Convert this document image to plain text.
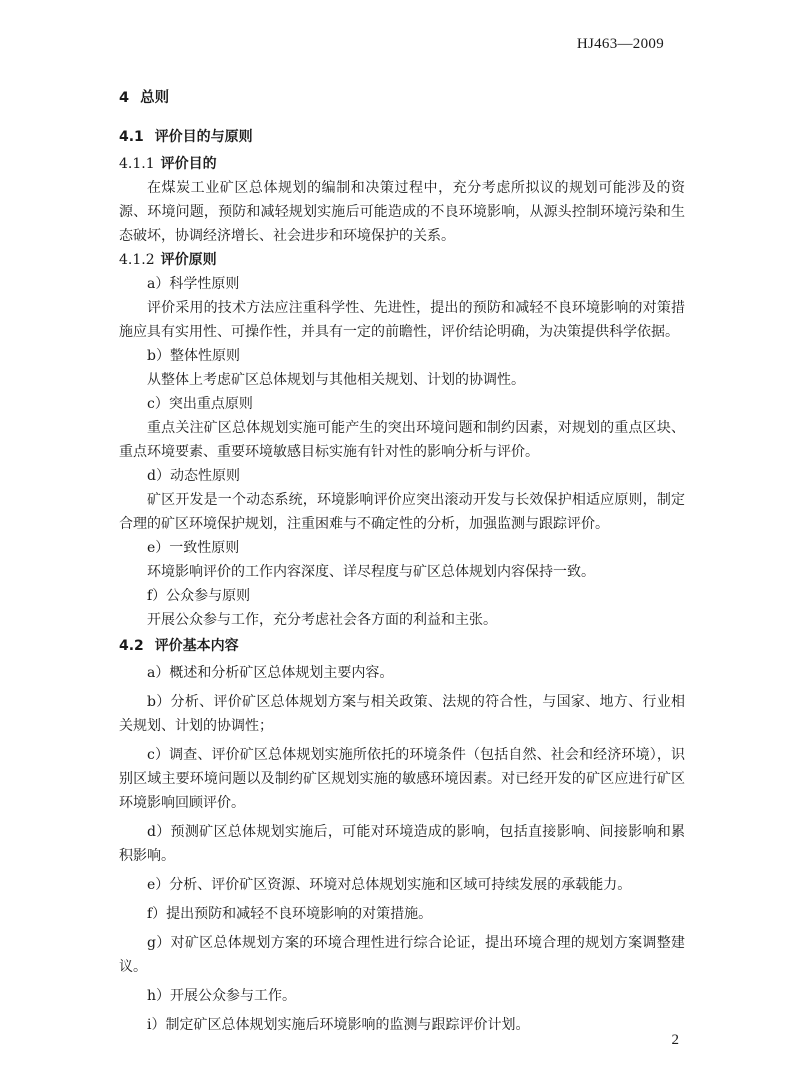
HJ463—2009
4 总则
4.1 评价目的与原则
4.1.1 评价目的

在煤炭工业矿区总体规划的编制和决策过程中，充分考虑所拟议的规划可能涉及的资源、环境问题，预防和减轻规划实施后可能造成的不良环境影响，从源头控制环境污染和生态破坏，协调经济增长、社会进步和环境保护的关系。

4.1.2 评价原则

a）科学性原则

评价采用的技术方法应注重科学性、先进性，提出的预防和减轻不良环境影响的对策措施应具有实用性、可操作性，并具有一定的前瞻性，评价结论明确，为决策提供科学依据。

b）整体性原则

从整体上考虑矿区总体规划与其他相关规划、计划的协调性。

c）突出重点原则

重点关注矿区总体规划实施可能产生的突出环境问题和制约因素，对规划的重点区块、重点环境要素、重要环境敏感目标实施有针对性的影响分析与评价。

d）动态性原则

矿区开发是一个动态系统，环境影响评价应突出滚动开发与长效保护相适应原则，制定合理的矿区环境保护规划，注重困难与不确定性的分析，加强监测与跟踪评价。

e）一致性原则

环境影响评价的工作内容深度、详尽程度与矿区总体规划内容保持一致。

f）公众参与原则

开展公众参与工作，充分考虑社会各方面的利益和主张。

4.2 评价基本内容

a）概述和分析矿区总体规划主要内容。

b）分析、评价矿区总体规划方案与相关政策、法规的符合性，与国家、地方、行业相关规划、计划的协调性；

c）调查、评价矿区总体规划实施所依托的环境条件（包括自然、社会和经济环境），识别区域主要环境问题以及制约矿区规划实施的敏感环境因素。对已经开发的矿区应进行矿区环境影响回顾评价。

d）预测矿区总体规划实施后，可能对环境造成的影响，包括直接影响、间接影响和累积影响。

e）分析、评价矿区资源、环境对总体规划实施和区域可持续发展的承载能力。

f）提出预防和减轻不良环境影响的对策措施。

g）对矿区总体规划方案的环境合理性进行综合论证，提出环境合理的规划方案调整建议。

h）开展公众参与工作。

i）制定矿区总体规划实施后环境影响的监测与跟踪评价计划。

2
